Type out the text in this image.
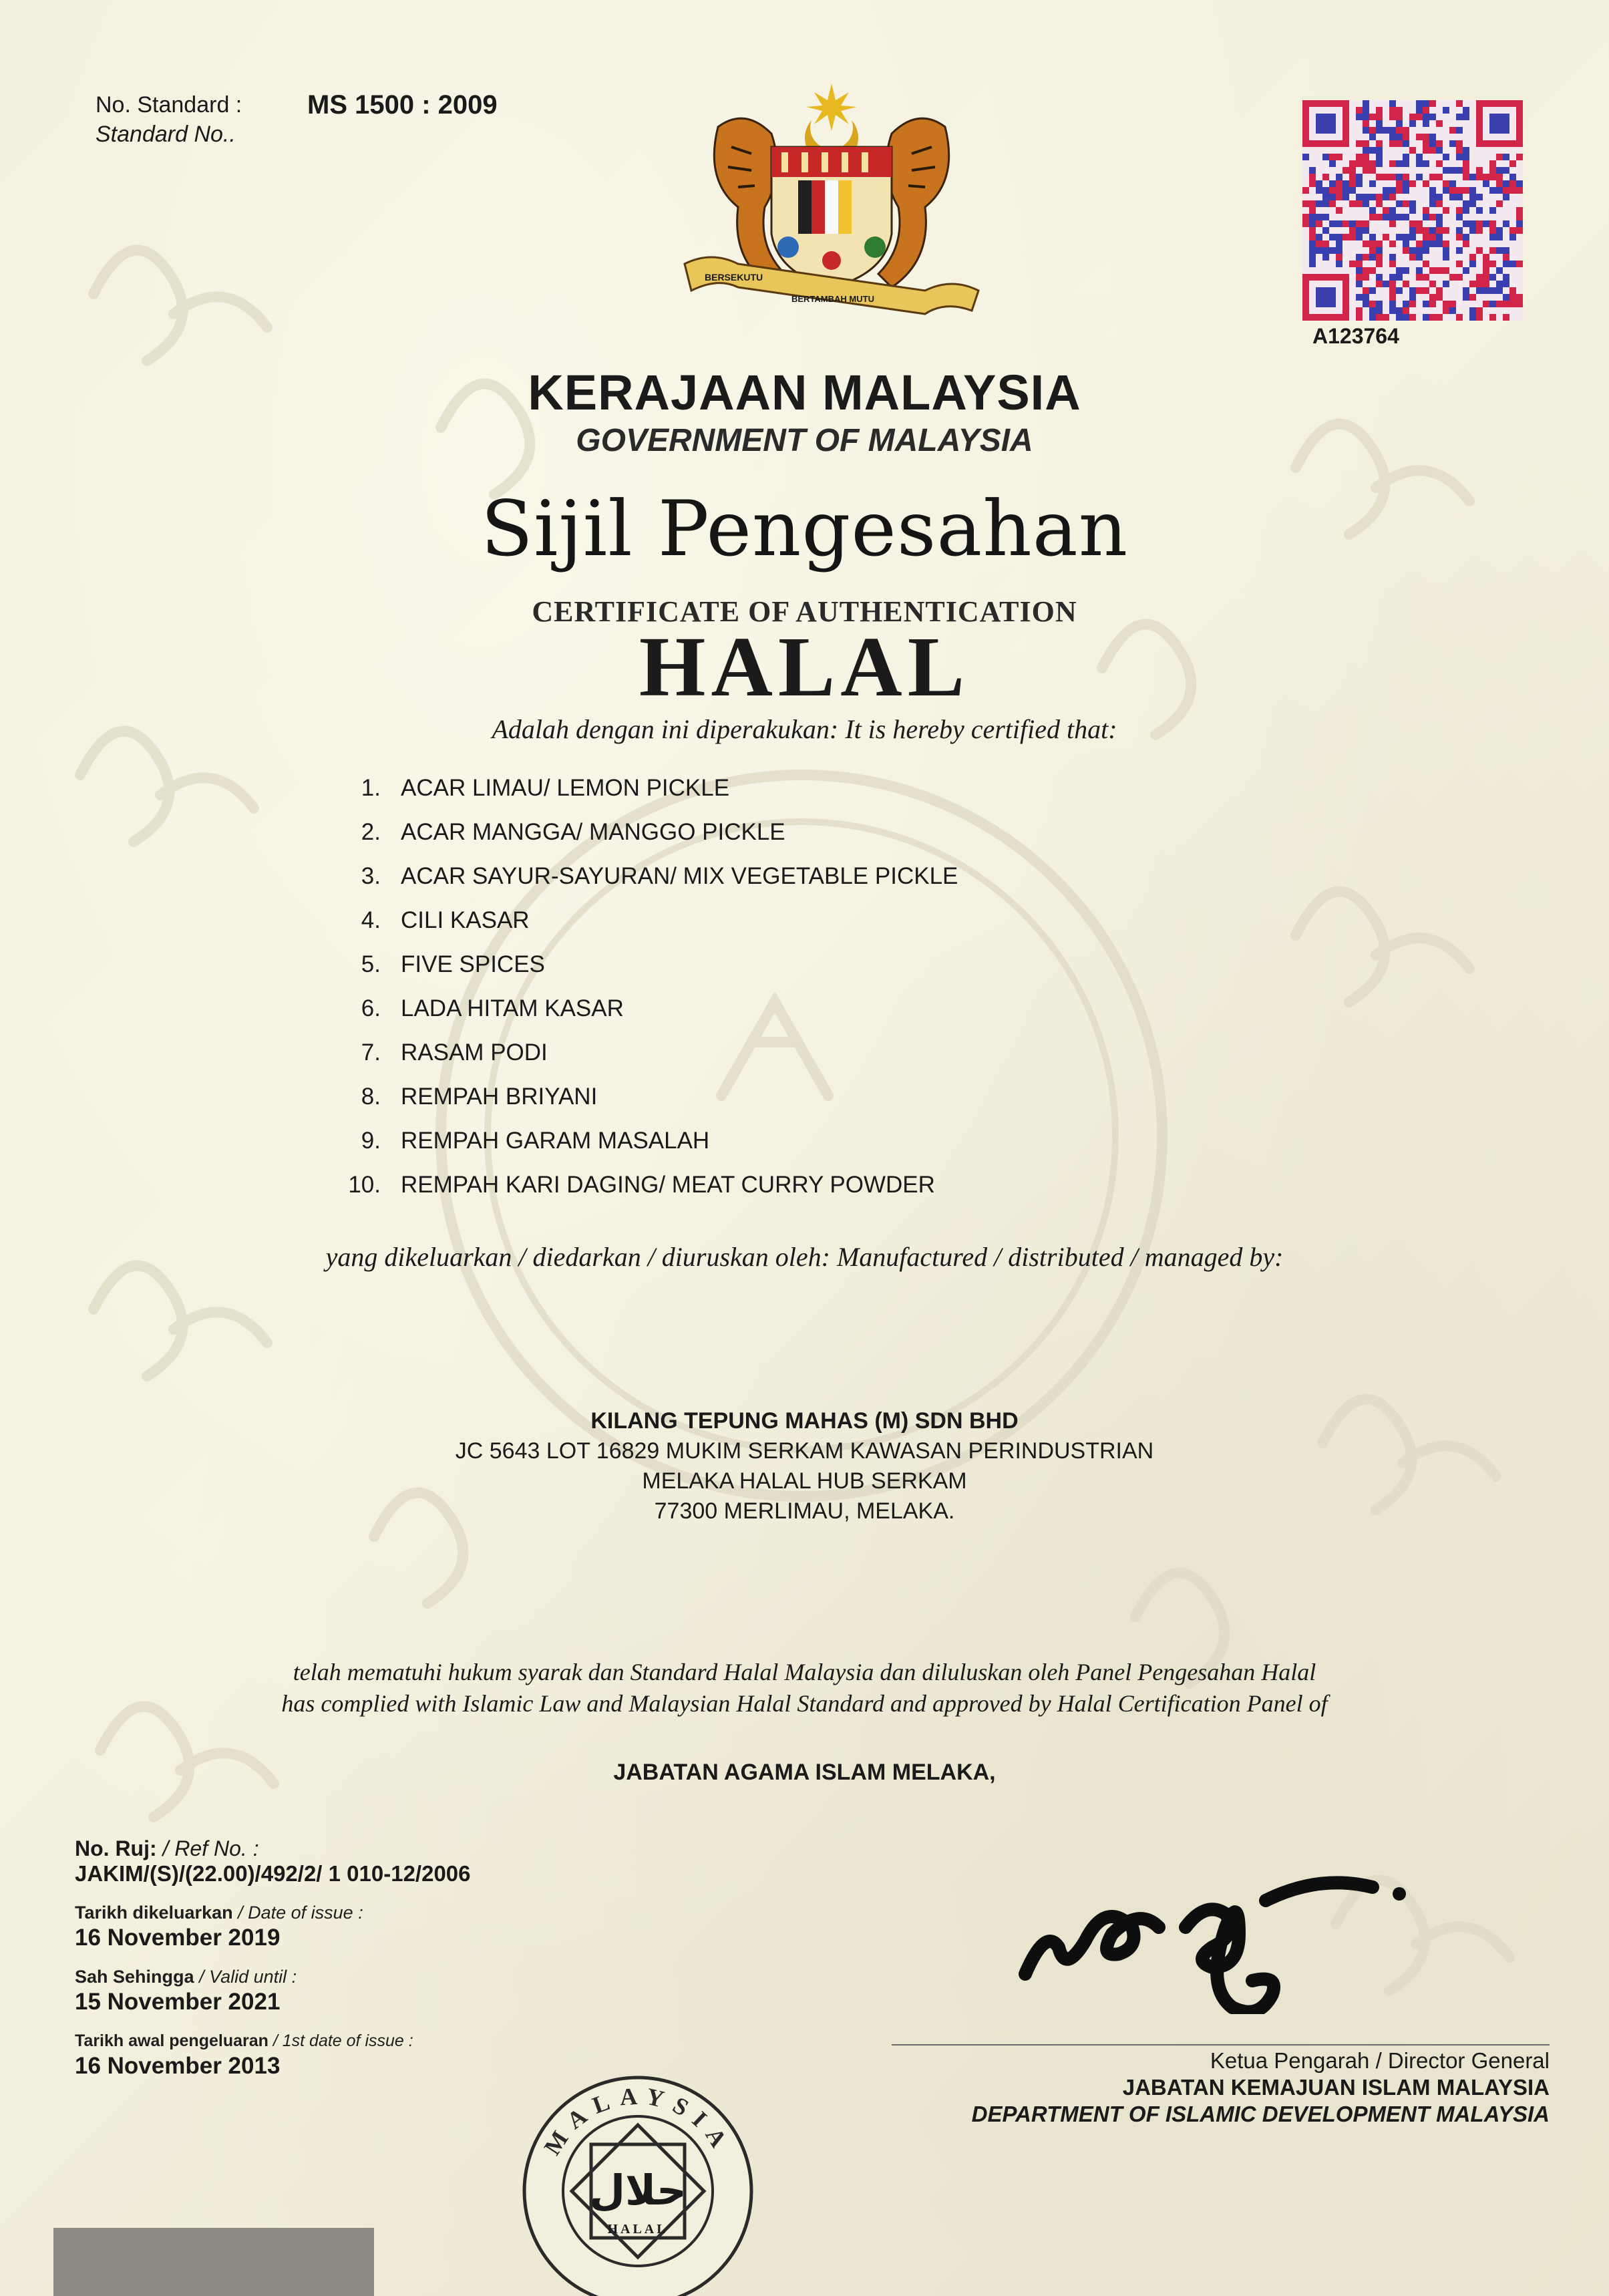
No. Standard :
Standard No..
MS 1500 : 2009
BERSEKUTU
BERTAMBAH MUTU
A123764
KERAJAAN MALAYSIA
GOVERNMENT OF MALAYSIA
Sijil Pengesahan
CERTIFICATE OF AUTHENTICATION
HALAL
Adalah dengan ini diperakukan: It is hereby certified that:
1. ACAR LIMAU/ LEMON PICKLE
2. ACAR MANGGA/ MANGGO PICKLE
3. ACAR SAYUR-SAYURAN/ MIX VEGETABLE PICKLE
4. CILI KASAR
5. FIVE SPICES
6. LADA HITAM KASAR
7. RASAM PODI
8. REMPAH BRIYANI
9. REMPAH GARAM MASALAH
10. REMPAH KARI DAGING/ MEAT CURRY POWDER
yang dikeluarkan / diedarkan / diuruskan oleh: Manufactured / distributed / managed by:
KILANG TEPUNG MAHAS (M) SDN BHD
JC 5643 LOT 16829 MUKIM SERKAM KAWASAN PERINDUSTRIAN
MELAKA HALAL HUB SERKAM
77300 MERLIMAU, MELAKA.
telah mematuhi hukum syarak dan Standard Halal Malaysia dan diluluskan oleh Panel Pengesahan Halal
has complied with Islamic Law and Malaysian Halal Standard and approved by Halal Certification Panel of
JABATAN AGAMA ISLAM MELAKA,
No. Ruj: / Ref No. :
JAKIM/(S)/(22.00)/492/2/ 1 010-12/2006
Tarikh dikeluarkan / Date of issue :
16 November 2019
Sah Sehingga / Valid until :
15 November 2021
Tarikh awal pengeluaran / 1st date of issue :
16 November 2013	Ketua Pengarah / Director General
JABATAN KEMAJUAN ISLAM MALAYSIA
DEPARTMENT OF ISLAMIC DEVELOPMENT MALAYSIA
MALAYSIA
حلال
HALAL
